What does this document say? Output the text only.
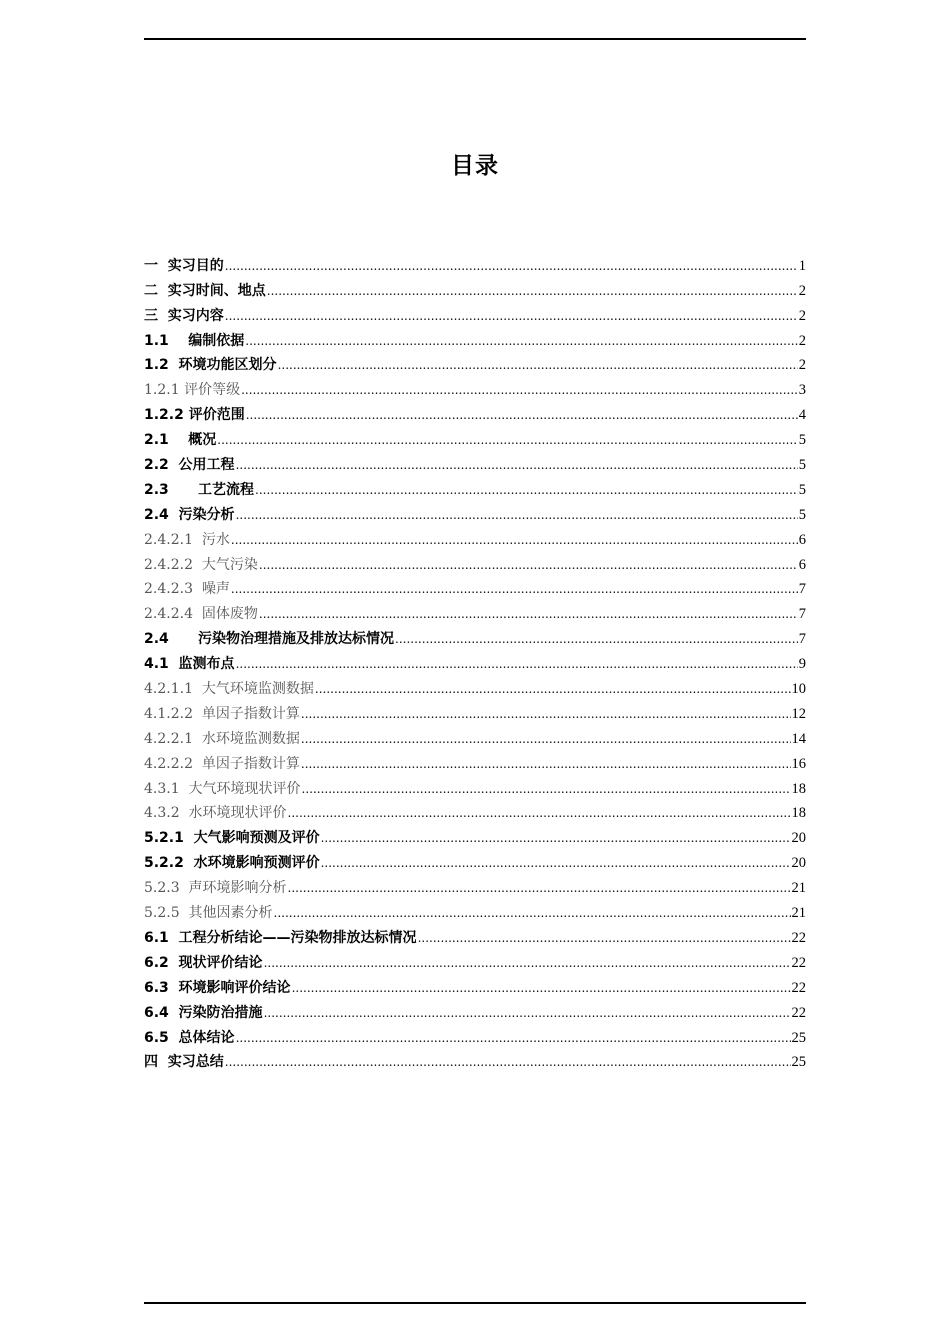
目录
一  实习目的 .....	1
二  实习时间、地点 .....	2
三  实习内容 .....	2
1.1    编制依据 .....	2
1.2  环境功能区划分 .....	2
1.2.1 评价等级 .....	3
1.2.2 评价范围 .....	4
2.1    概况 .....	5
2.2  公用工程 .....	5
2.3      工艺流程 .....	5
2.4  污染分析 .....	5
2.4.2.1  污水 .....	6
2.4.2.2  大气污染 .....	6
2.4.2.3  噪声 .....	7
2.4.2.4  固体废物 .....	7
2.4      污染物治理措施及排放达标情况 .....	7
4.1  监测布点 .....	9
4.2.1.1  大气环境监测数据 .....	10
4.1.2.2  单因子指数计算 .....	12
4.2.2.1  水环境监测数据 .....	14
4.2.2.2  单因子指数计算 .....	16
4.3.1  大气环境现状评价 .....	18
4.3.2  水环境现状评价 .....	18
5.2.1  大气影响预测及评价 .....	20
5.2.2  水环境影响预测评价 .....	20
5.2.3  声环境影响分析 .....	21
5.2.5  其他因素分析 .....	21
6.1  工程分析结论——污染物排放达标情况 .....	22
6.2  现状评价结论 .....	22
6.3  环境影响评价结论 .....	22
6.4  污染防治措施 .....	22
6.5  总体结论 .....	25
四  实习总结 .....	25
